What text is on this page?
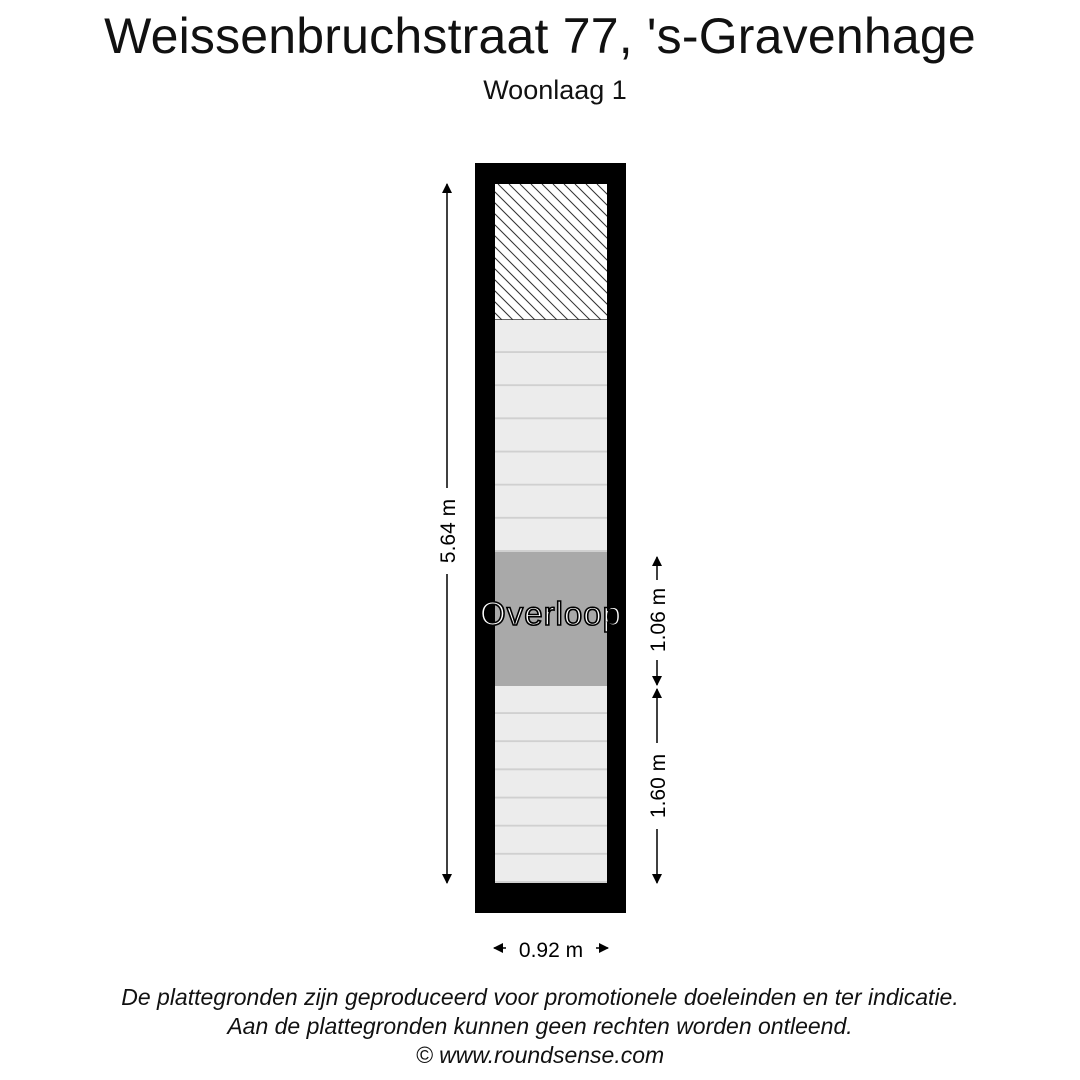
Weissenbruchstraat 77, 's-Gravenhage
Woonlaag 1
Overloop
5.64 m
1.06 m
1.60 m
0.92 m
De plattegronden zijn geproduceerd voor promotionele doeleinden en ter indicatie.
Aan de plattegronden kunnen geen rechten worden ontleend.
© www.roundsense.com
